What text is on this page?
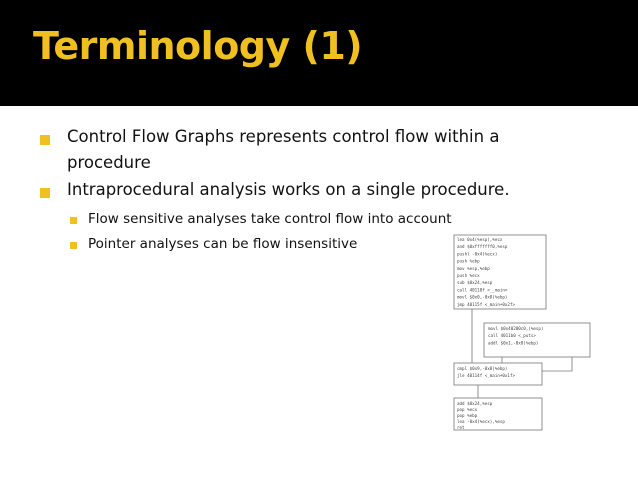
Terminology (1)
Control Flow Graphs represents control flow within a
procedure
Intraprocedural analysis works on a single procedure.
Flow sensitive analyses take control flow into account
Pointer analyses can be flow insensitive	lea 0x4(%esp),%ecx
and $0xfffffff0,%esp
pushl -0x4(%ecx)
push %ebp
mov %esp,%ebp
push %ecx
sub $0x24,%esp
call 40118f <__main>
movl $0x0,-0x8(%ebp)
jmp 40115f <_main+0x2f>
movl $0x40200c0,(%esp)
call 4011b0 <_puts>
addl $0x1,-0x8(%ebp)
cmpl $0x9,-0x8(%ebp)
jle 40114f <_main+0x1f>
add $0x24,%esp
pop %ecx
pop %ebp
lea -0x4(%ecx),%esp
ret
